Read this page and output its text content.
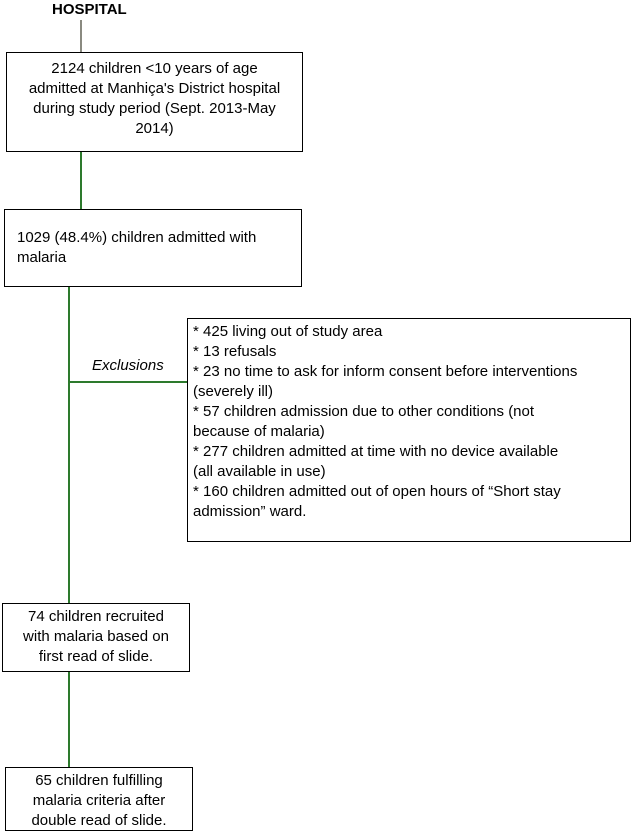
HOSPITAL
2124 children <10 years of age
admitted at Manhiça's District hospital
during study period (Sept. 2013-May
2014)
1029 (48.4%) children admitted with
malaria
Exclusions
* 425 living out of study area
* 13 refusals
* 23 no time to ask for inform consent before interventions
(severely ill)
* 57 children admission due to other conditions (not
because of malaria)
* 277 children admitted at time with no device available
(all available in use)
* 160 children admitted out of open hours of “Short stay
admission” ward.
74 children recruited
with malaria based on
first read of slide.
65 children fulfilling
malaria criteria after
double read of slide.
